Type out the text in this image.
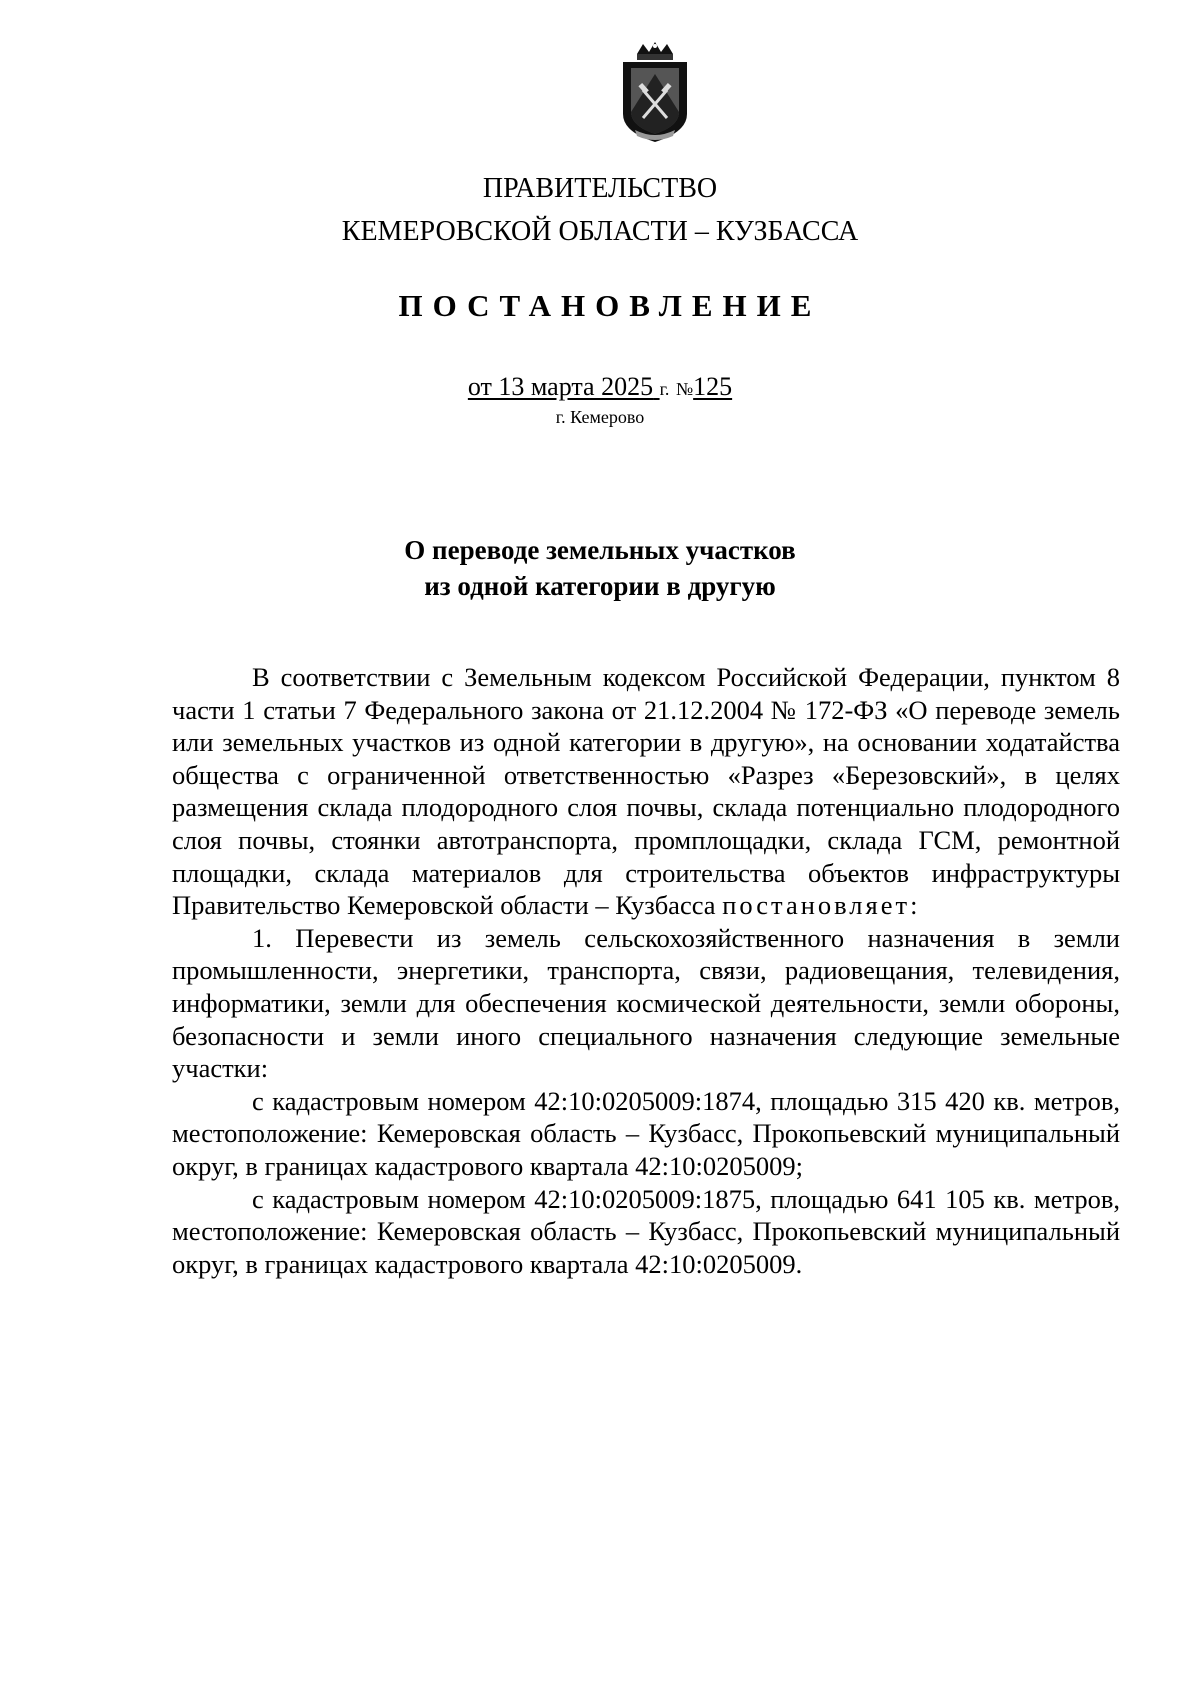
ПРАВИТЕЛЬСТВО
КЕМЕРОВСКОЙ ОБЛАСТИ – КУЗБАССА
ПОСТАНОВЛЕНИЕ
от 13 марта 2025 г. №125
г. Кемерово
О переводе земельных участков
из одной категории в другую

В соответствии с Земельным кодексом Российской Федерации, пунктом 8 части 1 статьи 7 Федерального закона от 21.12.2004 № 172-ФЗ «О переводе земель или земельных участков из одной категории в другую», на основании ходатайства общества с ограниченной ответственностью «Разрез «Березовский», в целях размещения склада плодородного слоя почвы, склада потенциально плодородного слоя почвы, стоянки автотранспорта, промплощадки, склада ГСМ, ремонтной площадки, склада материалов для строительства объектов инфраструктуры Правительство Кемеровской области – Кузбасса постановляет:

1. Перевести из земель сельскохозяйственного назначения в земли промышленности, энергетики, транспорта, связи, радиовещания, телевидения, информатики, земли для обеспечения космической деятельности, земли обороны, безопасности и земли иного специального назначения следующие земельные участки:

с кадастровым номером 42:10:0205009:1874, площадью 315 420 кв. метров, местоположение: Кемеровская область – Кузбасс, Прокопьевский муниципальный округ, в границах кадастрового квартала 42:10:0205009;

с кадастровым номером 42:10:0205009:1875, площадью 641 105 кв. метров, местоположение: Кемеровская область – Кузбасс, Прокопьевский муниципальный округ, в границах кадастрового квартала 42:10:0205009.
